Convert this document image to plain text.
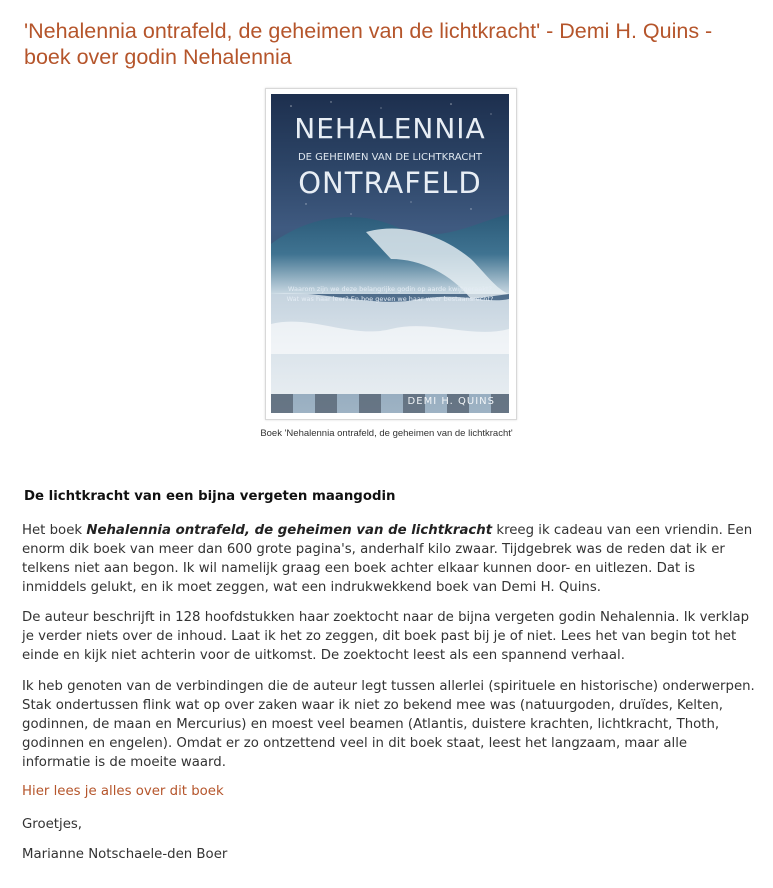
'Nehalennia ontrafeld, de geheimen van de lichtkracht' - Demi H. Quins - boek over godin Nehalennia
NEHALENNIA
DE GEHEIMEN VAN DE LICHTKRACHT
ONTRAFELD
Waarom zijn we deze belangrijke godin op aarde kwijtgeraakt? Wat was haar leer? En hoe geven we haar weer bestaansrecht?
DEMI H. QUINS
Boek 'Nehalennia ontrafeld, de geheimen van de lichtkracht'
De lichtkracht van een bijna vergeten maangodin

Het boek Nehalennia ontrafeld, de geheimen van de lichtkracht kreeg ik cadeau van een vriendin. Een enorm dik boek van meer dan 600 grote pagina's, anderhalf kilo zwaar. Tijdgebrek was de reden dat ik er telkens niet aan begon. Ik wil namelijk graag een boek achter elkaar kunnen door- en uitlezen. Dat is inmiddels gelukt, en ik moet zeggen, wat een indrukwekkend boek van Demi H. Quins.

De auteur beschrijft in 128 hoofdstukken haar zoektocht naar de bijna vergeten godin Nehalennia. Ik verklap je verder niets over de inhoud. Laat ik het zo zeggen, dit boek past bij je of niet. Lees het van begin tot het einde en kijk niet achterin voor de uitkomst. De zoektocht leest als een spannend verhaal.

Ik heb genoten van de verbindingen die de auteur legt tussen allerlei (spirituele en historische) onderwerpen. Stak ondertussen flink wat op over zaken waar ik niet zo bekend mee was (natuurgoden, druïdes, Kelten, godinnen, de maan en Mercurius) en moest veel beamen (Atlantis, duistere krachten, lichtkracht, Thoth, godinnen en engelen). Omdat er zo ontzettend veel in dit boek staat, leest het langzaam, maar alle informatie is de moeite waard.

Hier lees je alles over dit boek

Groetjes,

Marianne Notschaele-den Boer
